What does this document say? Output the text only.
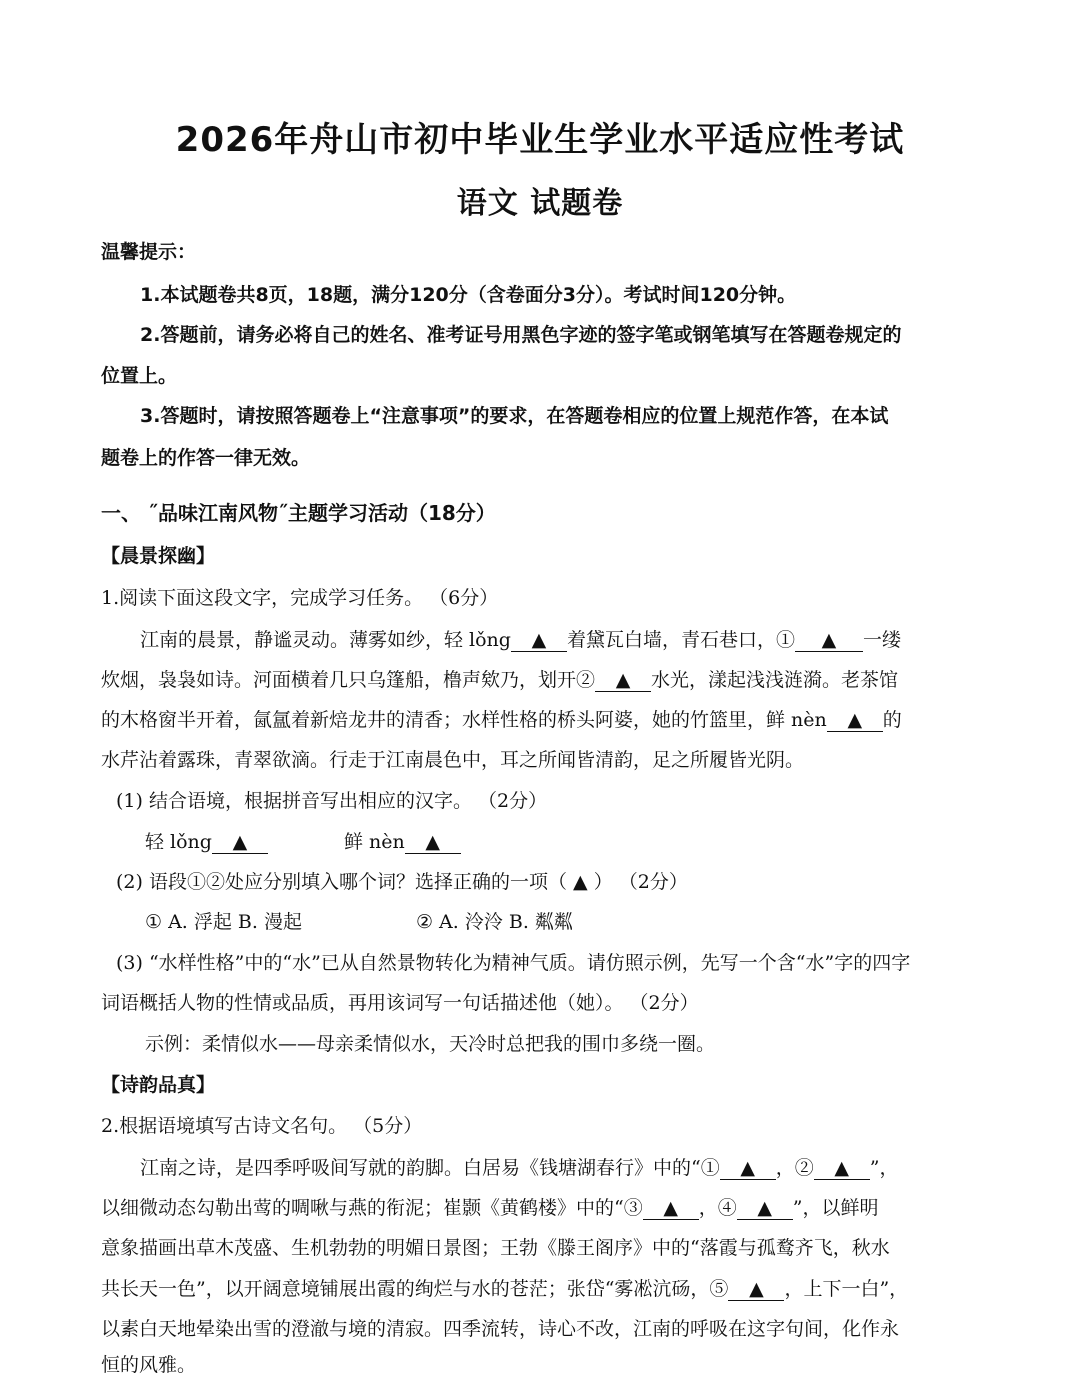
2026年舟山市初中毕业生学业水平适应性考试
语文 试题卷
温馨提示：
1.本试题卷共8页，18题，满分120分（含卷面分3分）。考试时间120分钟。
2.答题前，请务必将自己的姓名、准考证号用黑色字迹的签字笔或钢笔填写在答题卷规定的
位置上。
3.答题时，请按照答题卷上“注意事项”的要求，在答题卷相应的位置上规范作答，在本试
题卷上的作答一律无效。
一、 ˝品味江南风物˝主题学习活动（18分）
【晨景探幽】
1.阅读下面这段文字，完成学习任务。 （6分）
江南的晨景，静谧灵动。薄雾如纱，轻 lǒng ▲ 着黛瓦白墙，青石巷口，① ▲ 一缕
炊烟，袅袅如诗。河面横着几只乌篷船，橹声欸乃，划开② ▲ 水光，漾起浅浅涟漪。老茶馆
的木格窗半开着，氤氲着新焙龙井的清香；水样性格的桥头阿婆，她的竹篮里，鲜 nèn ▲ 的
水芹沾着露珠，青翠欲滴。行走于江南晨色中，耳之所闻皆清韵，足之所履皆光阴。
(1) 结合语境，根据拼音写出相应的汉字。 （2分）
轻 lǒng ▲	鲜 nèn ▲
(2) 语段①②处应分别填入哪个词？选择正确的一项（ ▲ ） （2分）
① A. 浮起 B. 漫起	② A. 泠泠 B. 粼粼
(3) “水样性格”中的“水”已从自然景物转化为精神气质。请仿照示例，先写一个含“水”字的四字
词语概括人物的性情或品质，再用该词写一句话描述他（她）。 （2分）
示例：柔情似水——母亲柔情似水，天冷时总把我的围巾多绕一圈。
【诗韵品真】
2.根据语境填写古诗文名句。 （5分）
江南之诗，是四季呼吸间写就的韵脚。白居易《钱塘湖春行》中的“① ▲ ，② ▲ ”，
以细微动态勾勒出莺的啁啾与燕的衔泥；崔颢《黄鹤楼》中的“③ ▲ ，④ ▲ ”，以鲜明
意象描画出草木茂盛、生机勃勃的明媚日景图；王勃《滕王阁序》中的“落霞与孤鹜齐飞，秋水
共长天一色”，以开阔意境铺展出霞的绚烂与水的苍茫；张岱“雾凇沆砀，⑤ ▲ ，上下一白”，
以素白天地晕染出雪的澄澈与境的清寂。四季流转，诗心不改，江南的呼吸在这字句间，化作永
恒的风雅。
